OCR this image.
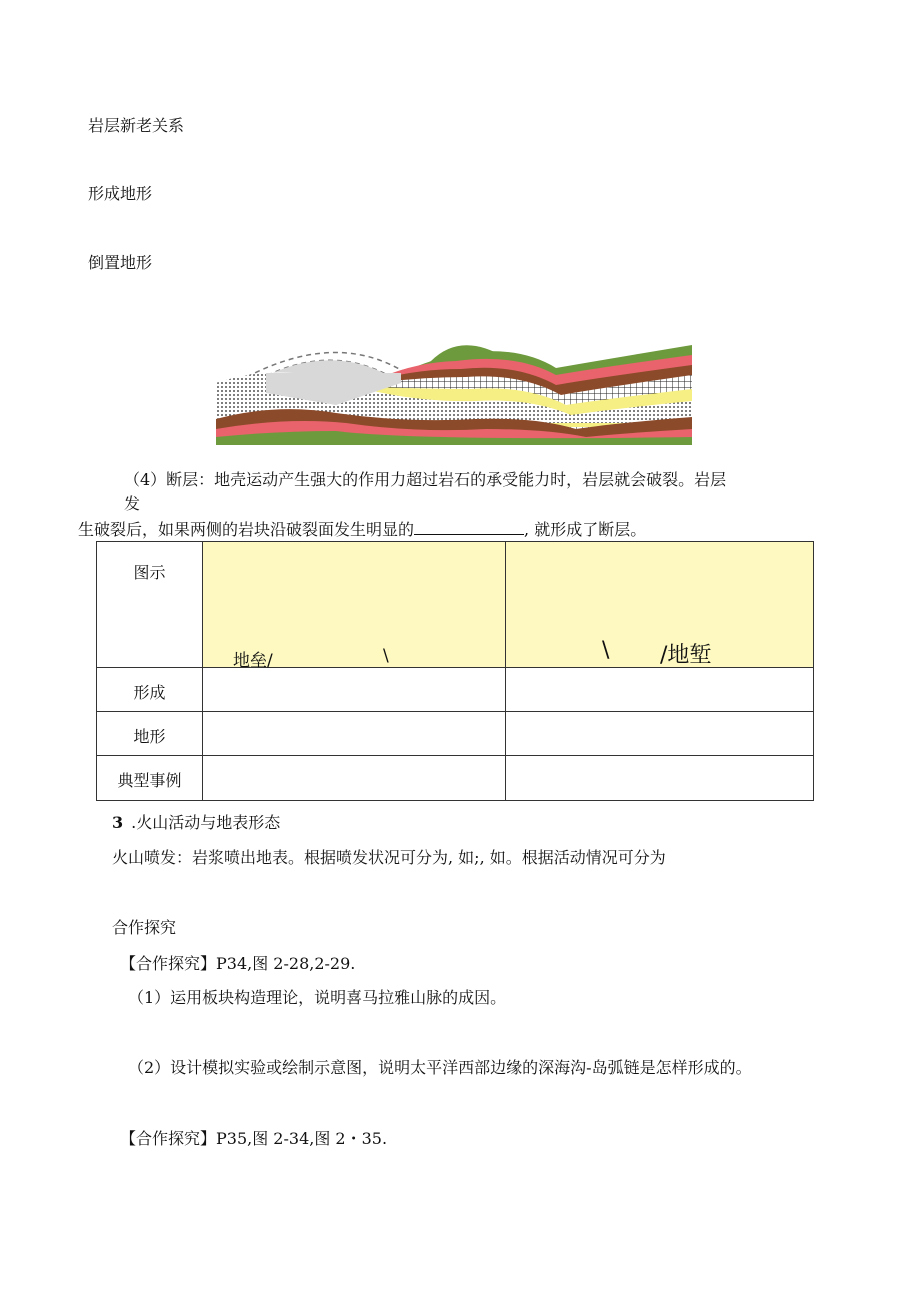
岩层新老关系
形成地形
倒置地形
（4）断层：地壳运动产生强大的作用力超过岩石的承受能力时，岩层就会破裂。岩层
发
生破裂后，如果两侧的岩块沿破裂面发生明显的	, 就形成了断层。
图示	地垒/ \	\ /地堑

形成		

地形		

典型事例		

3 .火山活动与地表形态
火山喷发：岩浆喷出地表。根据喷发状况可分为, 如;, 如。根据活动情况可分为
合作探究
【合作探究】P34,图 2-28,2-29.
（1）运用板块构造理论，说明喜马拉雅山脉的成因。
（2）设计模拟实验或绘制示意图，说明太平洋西部边缘的深海沟-岛弧链是怎样形成的。
【合作探究】P35,图 2-34,图 2・35.
